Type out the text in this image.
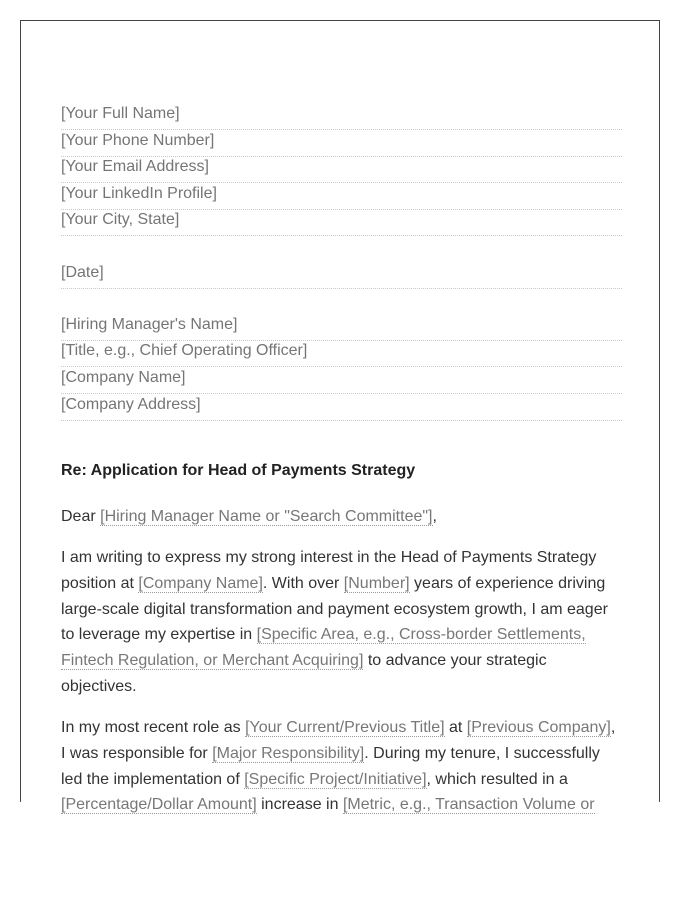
[Your Full Name]
[Your Phone Number]
[Your Email Address]
[Your LinkedIn Profile]
[Your City, State]
[Date]
[Hiring Manager's Name]
[Title, e.g., Chief Operating Officer]
[Company Name]
[Company Address]
Re: Application for Head of Payments Strategy

Dear [Hiring Manager Name or "Search Committee"],

I am writing to express my strong interest in the Head of Payments Strategy position at [Company Name]. With over [Number] years of experience driving large-scale digital transformation and payment ecosystem growth, I am eager to leverage my expertise in [Specific Area, e.g., Cross-border Settlements, Fintech Regulation, or Merchant Acquiring] to advance your strategic objectives.

In my most recent role as [Your Current/Previous Title] at [Previous Company], I was responsible for [Major Responsibility]. During my tenure, I successfully led the implementation of [Specific Project/Initiative], which resulted in a [Percentage/Dollar Amount] increase in [Metric, e.g., Transaction Volume or
